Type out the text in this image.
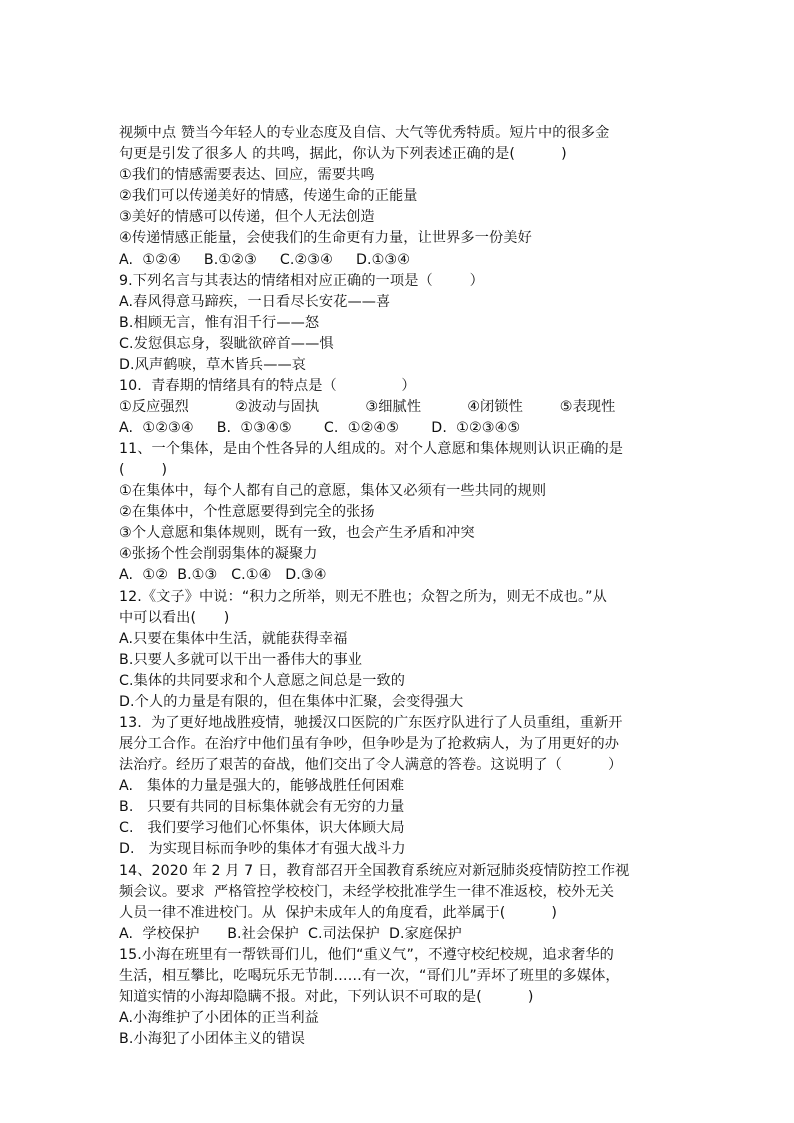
视频中点 赞当今年轻人的专业态度及自信、大气等优秀特质。短片中的很多金
句更是引发了很多人 的共鸣，据此，你认为下列表述正确的是(          )
①我们的情感需要表达、回应，需要共鸣
②我们可以传递美好的情感，传递生命的正能量
③美好的情感可以传递，但个人无法创造
④传递情感正能量，会使我们的生命更有力量，让世界多一份美好
A.  ①②④     B.①②③     C.②③④     D.①③④
9.下列名言与其表达的情绪相对应正确的一项是（        ）
A.春风得意马蹄疾，一日看尽长安花——喜
B.相顾无言，惟有泪千行——怒
C.发愆俱忘身，裂眦欲碎首——惧
D.风声鹤唳，草木皆兵——哀
10.  青春期的情绪具有的特点是（              ）
①反应强烈          ②波动与固执          ③细腻性          ④闭锁性        ⑤表现性
A.  ①②③④     B.  ①③④⑤       C.  ①②④⑤       D.  ①②③④⑤
11、一个集体，是由个性各异的人组成的。对个人意愿和集体规则认识正确的是
(        )
①在集体中，每个人都有自己的意愿，集体又必须有一些共同的规则
②在集体中，个性意愿要得到完全的张扬
③个人意愿和集体规则，既有一致，也会产生矛盾和冲突
④张扬个性会削弱集体的凝聚力
A.  ①②  B.①③   C.①④   D.③④
12.《文子》中说：“积力之所举，则无不胜也；众智之所为，则无不成也。”从
中可以看出(      )
A.只要在集体中生活，就能获得幸福
B.只要人多就可以干出一番伟大的事业
C.集体的共同要求和个人意愿之间总是一致的
D.个人的力量是有限的，但在集体中汇聚，会变得强大
13.  为了更好地战胜疫情，驰援汉口医院的广东医疗队进行了人员重组，重新开
展分工合作。在治疗中他们虽有争吵，但争吵是为了抢救病人，为了用更好的办
法治疗。经历了艰苦的奋战，他们交出了令人满意的答卷。这说明了（          ）
A.   集体的力量是强大的，能够战胜任何困难
B.   只要有共同的目标集体就会有无穷的力量
C.   我们要学习他们心怀集体，识大体顾大局
D.   为实现目标而争吵的集体才有强大战斗力
14、2020 年 2 月 7 日，教育部召开全国教育系统应对新冠肺炎疫情防控工作视
频会议。要求  严格管控学校校门，未经学校批准学生一律不准返校，校外无关
人员一律不准进校门。从  保护未成年人的角度看，此举属于(          )
A.  学校保护      B.社会保护  C.司法保护  D.家庭保护
15.小海在班里有一帮铁哥们儿，他们“重义气”，不遵守校纪校规，追求奢华的
生活，相互攀比，吃喝玩乐无节制……有一次，“哥们儿”弄坏了班里的多媒体，
知道实情的小海却隐瞒不报。对此，下列认识不可取的是(          )
A.小海维护了小团体的正当利益
B.小海犯了小团体主义的错误
